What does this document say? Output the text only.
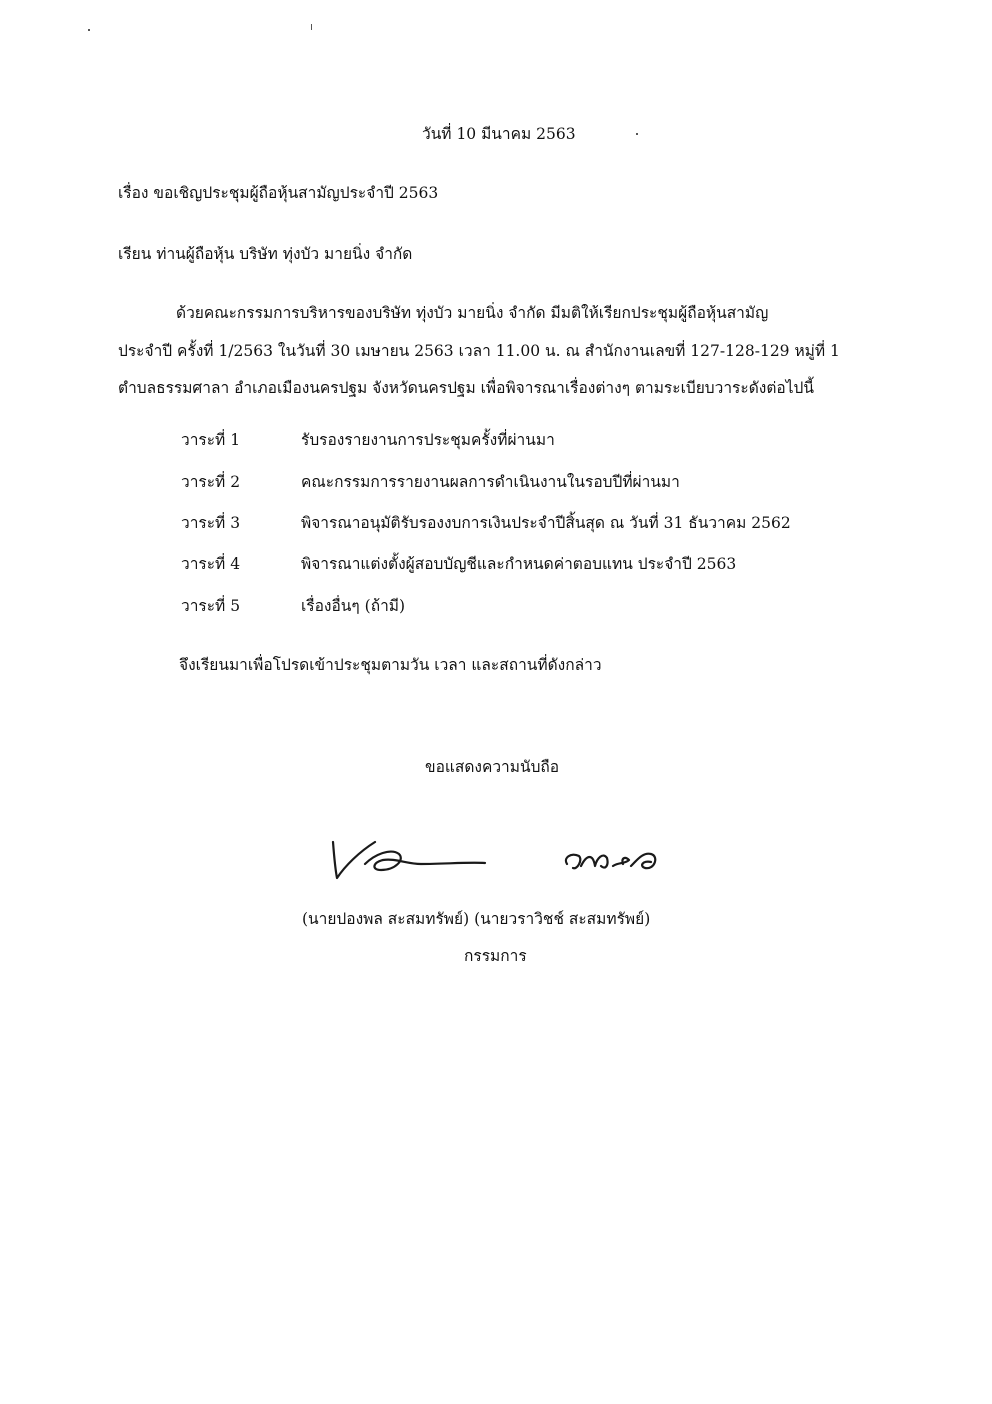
วันที่ 10 มีนาคม 2563
เรื่อง ขอเชิญประชุมผู้ถือหุ้นสามัญประจำปี 2563
เรียน ท่านผู้ถือหุ้น บริษัท ทุ่งบัว มายนิ่ง จำกัด
ด้วยคณะกรรมการบริหารของบริษัท ทุ่งบัว มายนิ่ง จำกัด มีมติให้เรียกประชุมผู้ถือหุ้นสามัญ
ประจำปี ครั้งที่ 1/2563 ในวันที่ 30 เมษายน 2563 เวลา 11.00 น. ณ สำนักงานเลขที่ 127-128-129 หมู่ที่ 1
ตำบลธรรมศาลา อำเภอเมืองนครปฐม จังหวัดนครปฐม เพื่อพิจารณาเรื่องต่างๆ ตามระเบียบวาระดังต่อไปนี้
วาระที่ 1	รับรองรายงานการประชุมครั้งที่ผ่านมา
วาระที่ 2	คณะกรรมการรายงานผลการดำเนินงานในรอบปีที่ผ่านมา
วาระที่ 3	พิจารณาอนุมัติรับรองงบการเงินประจำปีสิ้นสุด ณ วันที่ 31 ธันวาคม 2562
วาระที่ 4	พิจารณาแต่งตั้งผู้สอบบัญชีและกำหนดค่าตอบแทน ประจำปี 2563
วาระที่ 5	เรื่องอื่นๆ (ถ้ามี)
จึงเรียนมาเพื่อโปรดเข้าประชุมตามวัน เวลา และสถานที่ดังกล่าว
ขอแสดงความนับถือ
(นายปองพล สะสมทรัพย์) (นายวราวิชช์ สะสมทรัพย์)
กรรมการ
